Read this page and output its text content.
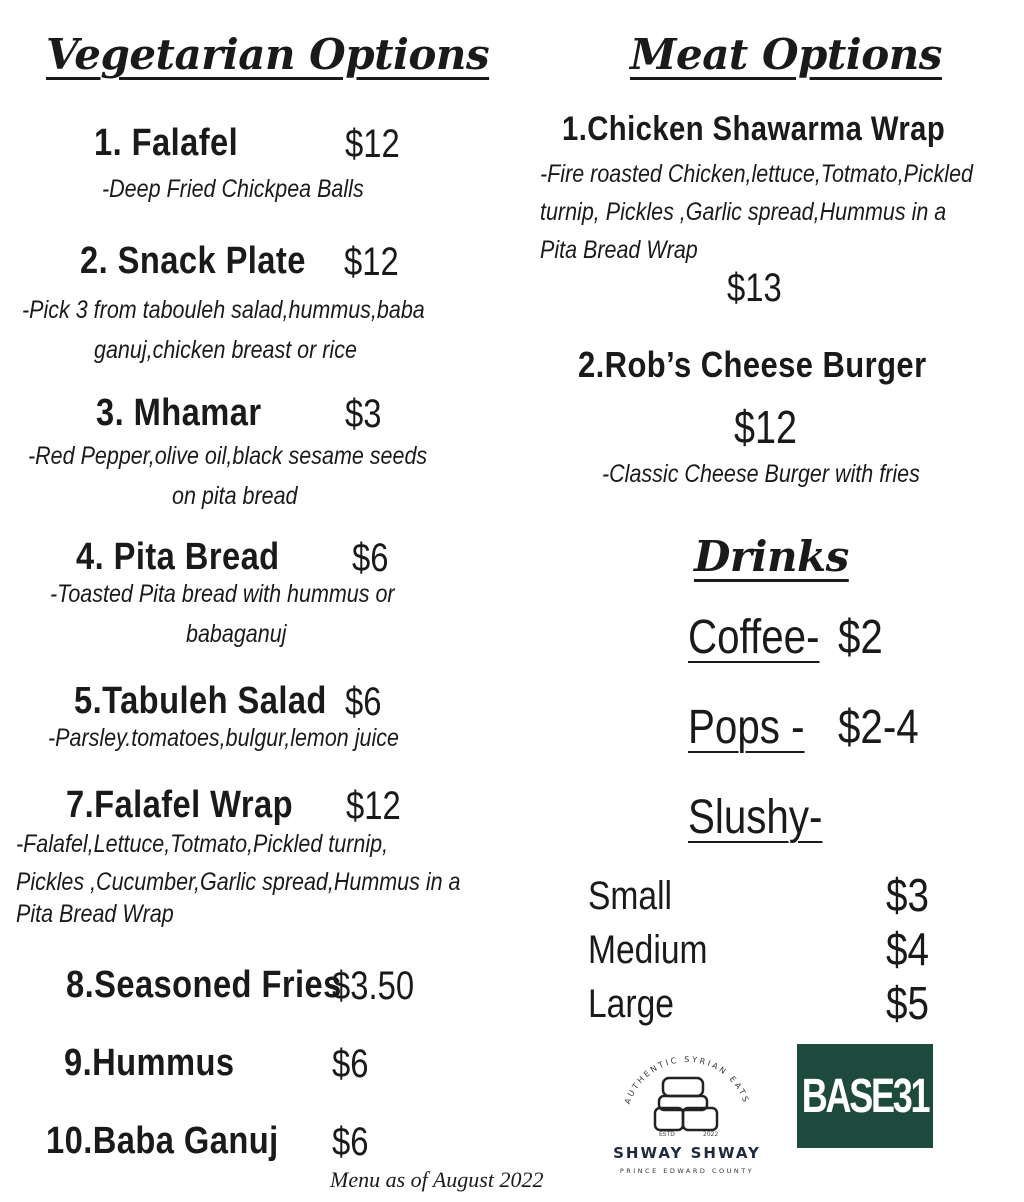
Vegetarian Options
1. Falafel	$12
-Deep Fried Chickpea Balls
2. Snack Plate $12
-Pick 3 from tabouleh salad,hummus,baba
ganuj,chicken breast or rice
3. Mhamar $3
-Red Pepper,olive oil,black sesame seeds
on pita bread
4. Pita Bread $6
-Toasted Pita bread with hummus or
babaganuj
5.Tabuleh Salad $6
-Parsley.tomatoes,bulgur,lemon juice
7.Falafel Wrap $12
-Falafel,Lettuce,Totmato,Pickled turnip,
Pickles ,Cucumber,Garlic spread,Hummus in a
Pita Bread Wrap
8.Seasoned Fries
$3.50
9.Hummus $6
10.Baba Ganuj $6
Meat Options
1.Chicken Shawarma Wrap
-Fire roasted Chicken,lettuce,Totmato,Pickled
turnip, Pickles ,Garlic spread,Hummus in a
Pita Bread Wrap
$13
2.Rob’s Cheese Burger
$12
-Classic Cheese Burger with fries
Drinks
Coffee- $2
Pops - $2-4
Slushy-
Small	$3
Medium	$4
Large	$5
AUTHENTIC SYRIAN EATS
ESTD	2022
SHWAY SHWAY
PRINCE EDWARD COUNTY
BASE31
Menu as of August 2022
